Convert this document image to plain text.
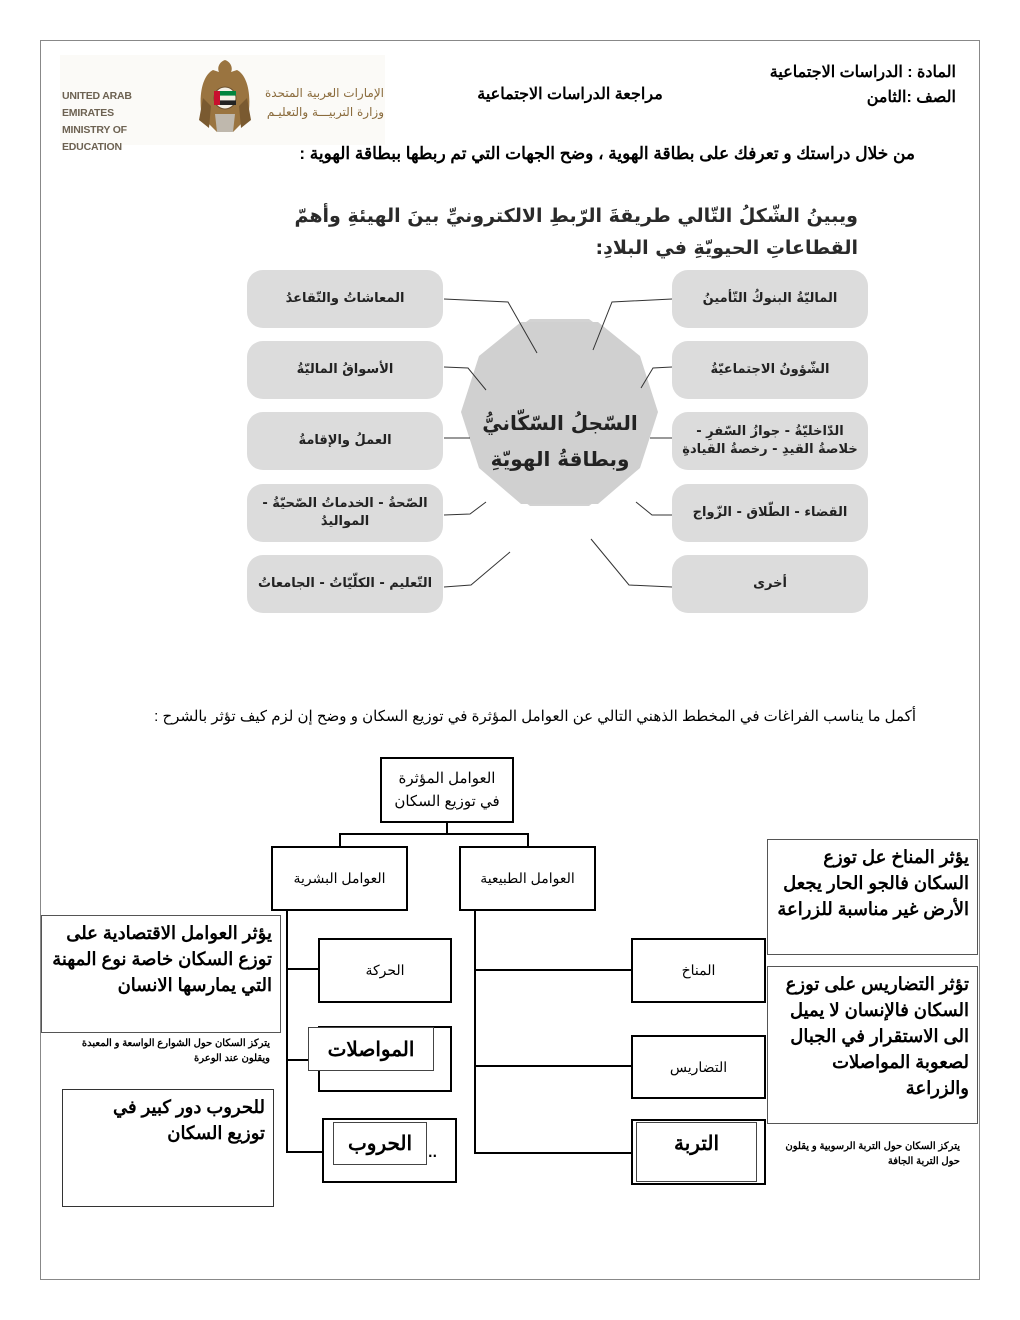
UNITED ARAB EMIRATES
MINISTRY OF EDUCATION
الإمارات العربية المتحدة
وزارة التربيـــة والتعليـم
المادة : الدراسات الاجتماعية
الصف :الثامن
مراجعة الدراسات الاجتماعية
من خلال دراستك و تعرفك على بطاقة الهوية ، وضح الجهات التي تم ربطها ببطاقة الهوية :
ويبينُ الشّكلُ التّالي طريقةَ الرّبطِ الالكترونيِّ بينَ الهيئةِ وأهمّ القطاعاتِ الحيويّةِ في البلادِ:
المعاشاتُ والتّقاعدُ
الأسواقُ الماليّةُ
العملُ والإقامةُ
الصّحةُ - الخدماتُ الصّحيّةُ - المواليدُ
التّعليم - الكلّيّاتُ - الجامعاتُ
الماليّةُ البنوكُ التّأمينُ
الشّؤونُ الاجتماعيّةُ
الدّاخليّةُ - جوازُ السّفرِ - خلاصةُ القيدِ - رخصةُ القيادةِ
القضاء - الطّلاق - الزّواج
أخرى
السّجلُ السّكّانيُّ
وبطاقةُ الهويّةِ
أكمل ما يناسب الفراغات في المخطط الذهني التالي عن العوامل المؤثرة في توزيع السكان و وضح إن لزم كيف تؤثر بالشرح :
العوامل المؤثرة في توزيع السكان
العوامل البشرية	العوامل الطبيعية
الحركة
المواصلات
الحروب ..
المناخ
التضاريس
التربة
يؤثر العوامل الاقتصادية على توزع السكان خاصة نوع المهنة التي يمارسها الانسان
يتركز السكان حول الشوارع الواسعة و المعبدة ويقلون عند الوعرة
للحروب دور كبير في توزيع السكان
يؤثر المناخ عل توزع السكان فالجو الحار يجعل الأرض غير مناسبة للزراعة
تؤثر التضاريس على توزع السكان فالإنسان لا يميل الى الاستقرار في الجبال لصعوبة المواصلات والزراعة
يتركز السكان حول التربة الرسوبية و يقلون حول التربة الجافة
